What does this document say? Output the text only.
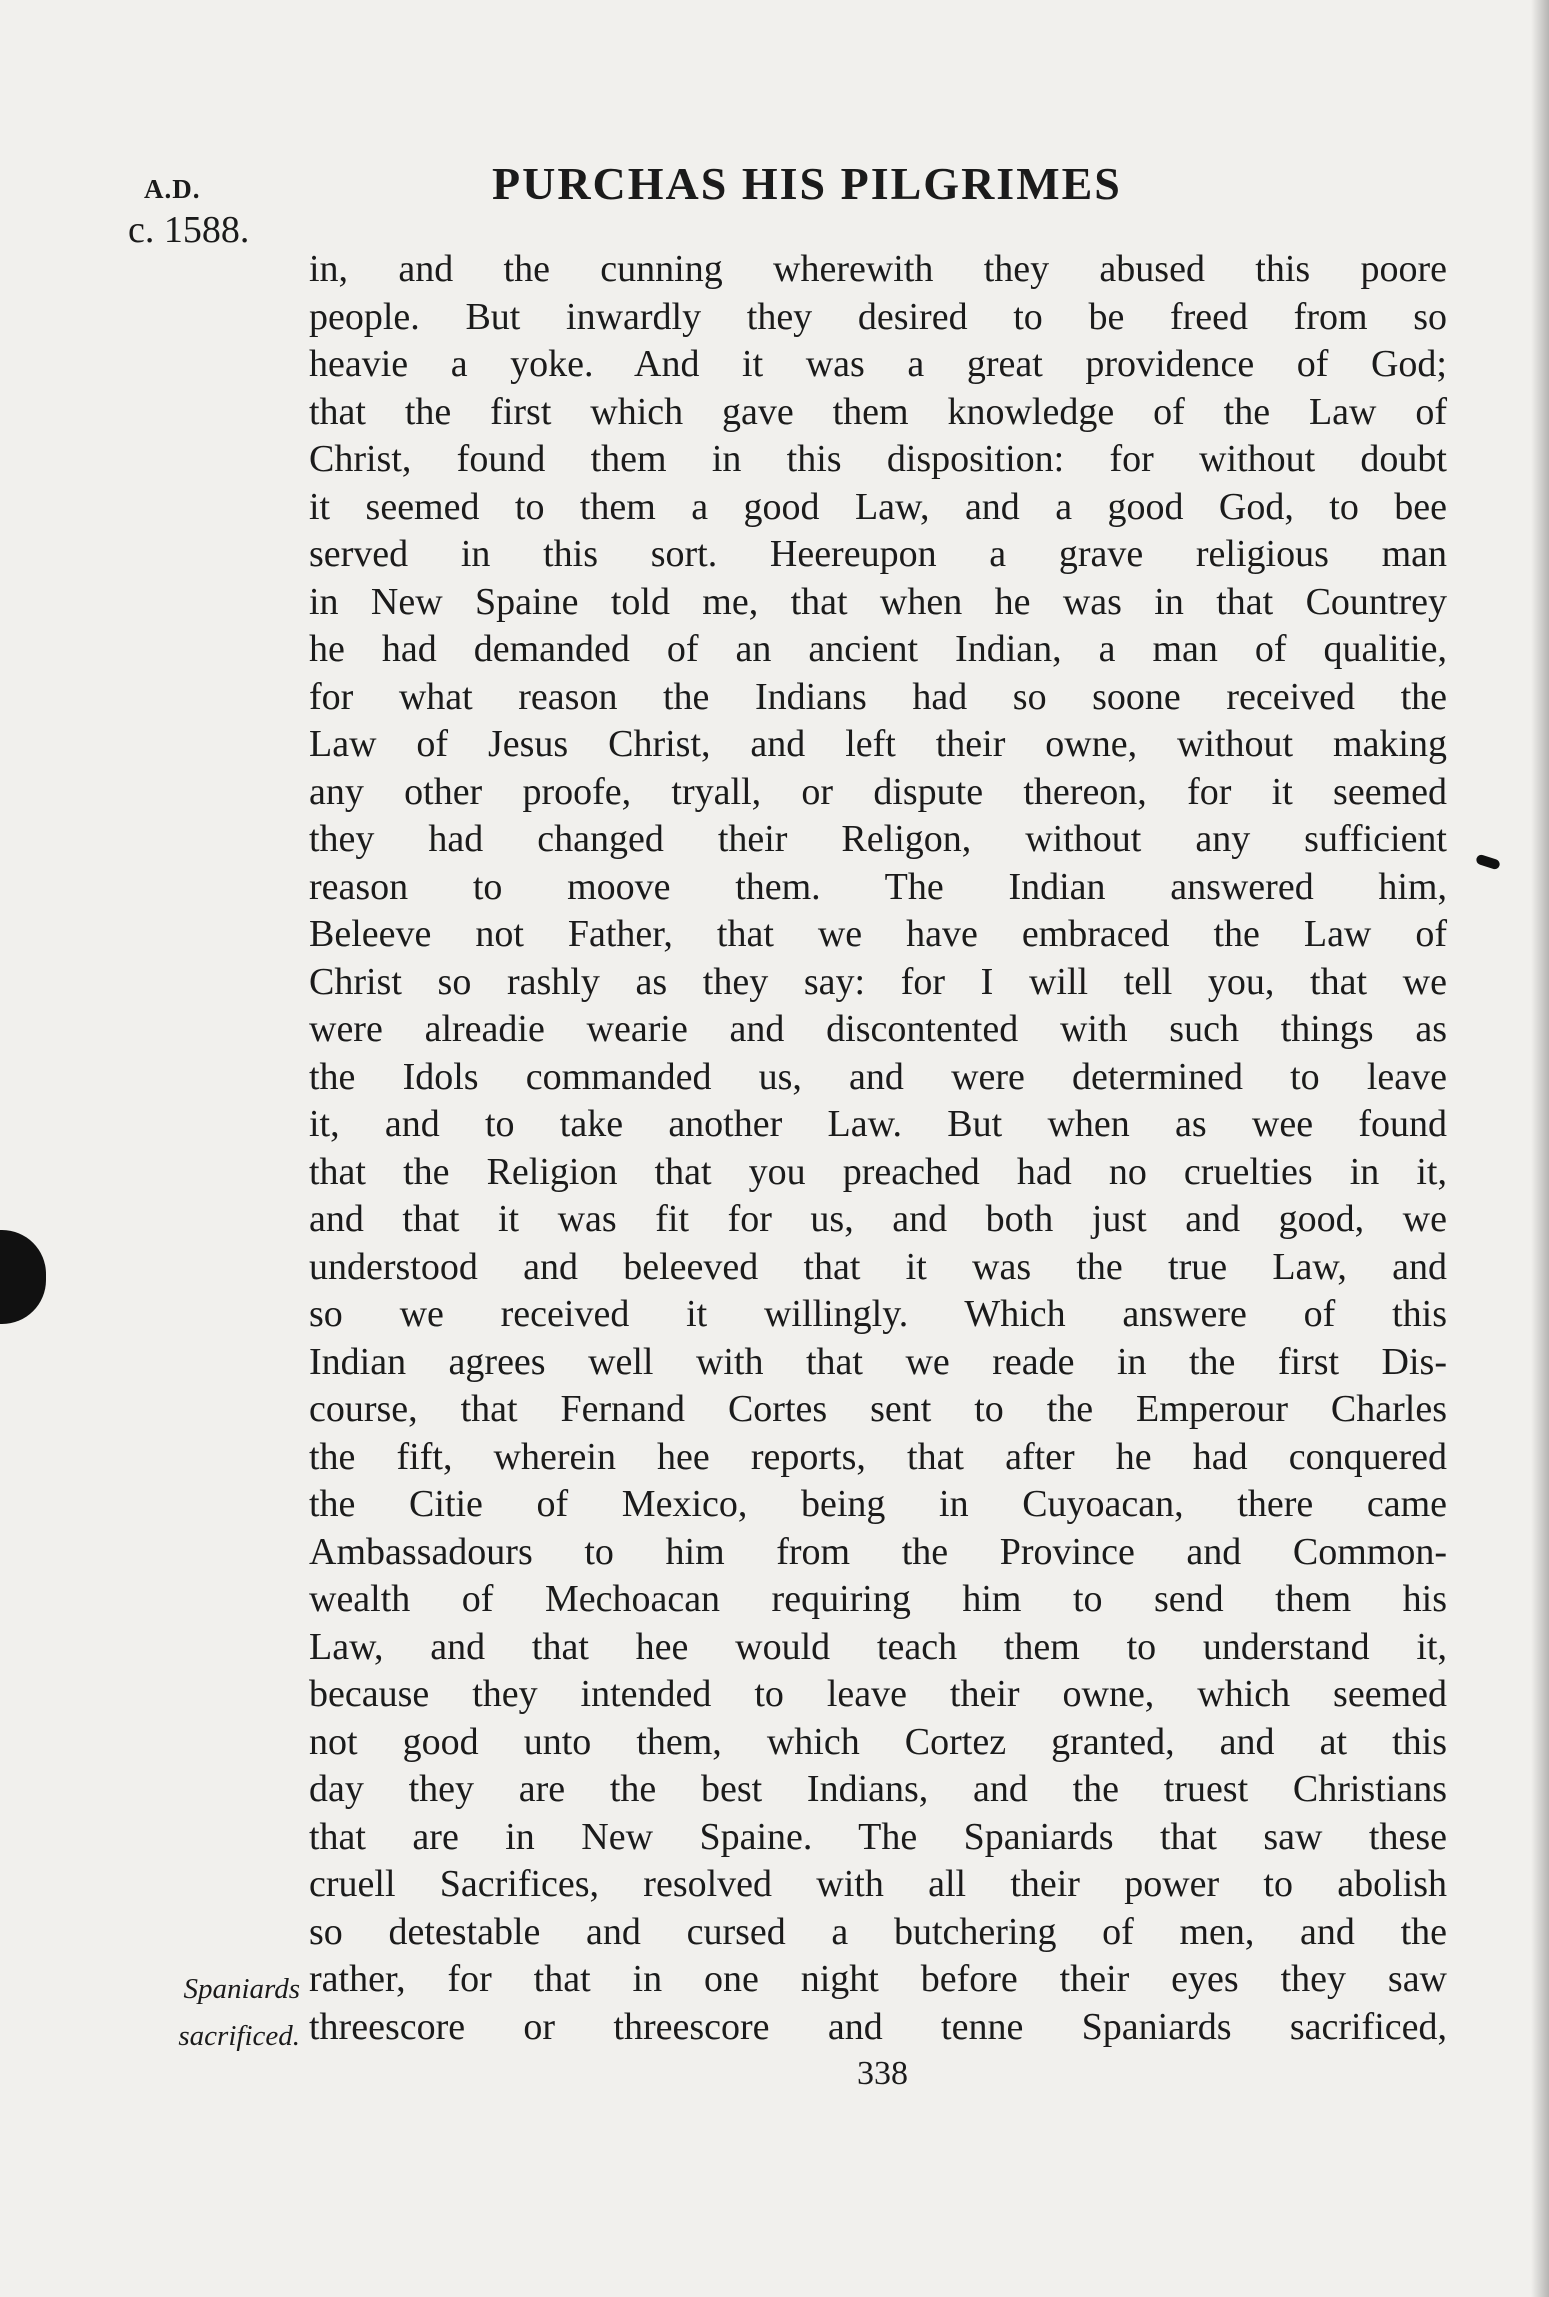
A.D.
c. 1588.
PURCHAS HIS PILGRIMES
in, and the cunning wherewith they abused this poore
people. But inwardly they desired to be freed from so
heavie a yoke. And it was a great providence of God;
that the first which gave them knowledge of the Law of
Christ, found them in this disposition: for without doubt
it seemed to them a good Law, and a good God, to bee
served in this sort. Heereupon a grave religious man
in New Spaine told me, that when he was in that Countrey
he had demanded of an ancient Indian, a man of qualitie,
for what reason the Indians had so soone received the
Law of Jesus Christ, and left their owne, without making
any other proofe, tryall, or dispute thereon, for it seemed
they had changed their Religon, without any sufficient
reason to moove them. The Indian answered him,
Beleeve not Father, that we have embraced the Law of
Christ so rashly as they say: for I will tell you, that we
were alreadie wearie and discontented with such things as
the Idols commanded us, and were determined to leave
it, and to take another Law. But when as wee found
that the Religion that you preached had no cruelties in it,
and that it was fit for us, and both just and good, we
understood and beleeved that it was the true Law, and
so we received it willingly. Which answere of this
Indian agrees well with that we reade in the first Dis-
course, that Fernand Cortes sent to the Emperour Charles
the fift, wherein hee reports, that after he had conquered
the Citie of Mexico, being in Cuyoacan, there came
Ambassadours to him from the Province and Common-
wealth of Mechoacan requiring him to send them his
Law, and that hee would teach them to understand it,
because they intended to leave their owne, which seemed
not good unto them, which Cortez granted, and at this
day they are the best Indians, and the truest Christians
that are in New Spaine. The Spaniards that saw these
cruell Sacrifices, resolved with all their power to abolish
so detestable and cursed a butchering of men, and the
rather, for that in one night before their eyes they saw
threescore or threescore and tenne Spaniards sacrificed,
Spaniards
sacrificed.
338
